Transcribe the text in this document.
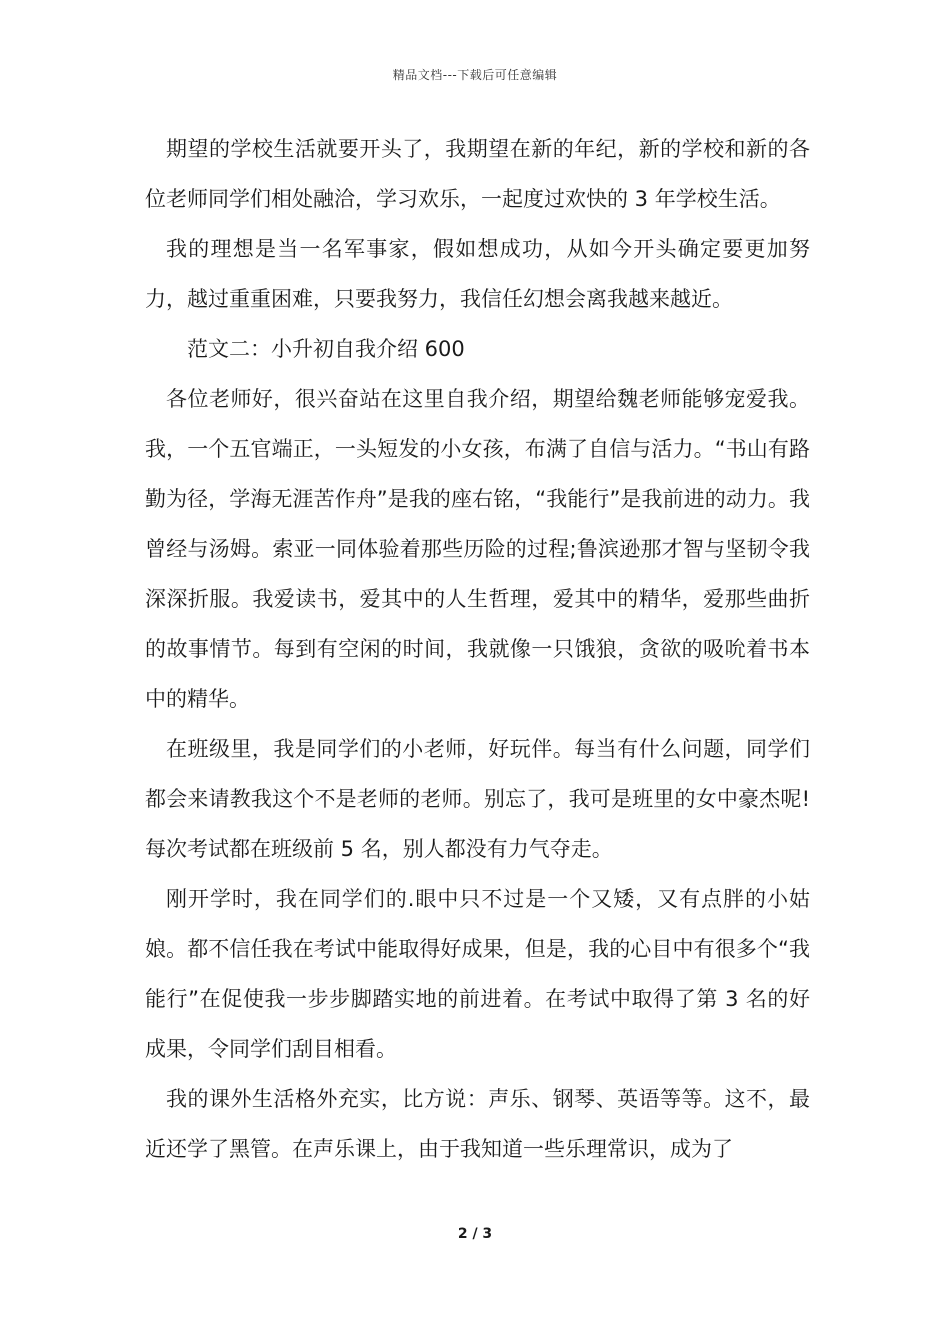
精品文档---下载后可任意编辑

期望的学校生活就要开头了，我期望在新的年纪，新的学校和新的各位老师同学们相处融洽，学习欢乐，一起度过欢快的 3 年学校生活。

我的理想是当一名军事家，假如想成功，从如今开头确定要更加努力，越过重重困难，只要我努力，我信任幻想会离我越来越近。

范文二：小升初自我介绍 600

各位老师好，很兴奋站在这里自我介绍，期望给魏老师能够宠爱我。我，一个五官端正，一头短发的小女孩，布满了自信与活力。“书山有路勤为径，学海无涯苦作舟”是我的座右铭，“我能行”是我前进的动力。我曾经与汤姆。索亚一同体验着那些历险的过程;鲁滨逊那才智与坚韧令我深深折服。我爱读书，爱其中的人生哲理，爱其中的精华，爱那些曲折的故事情节。每到有空闲的时间，我就像一只饿狼，贪欲的吸吮着书本中的精华。

在班级里，我是同学们的小老师，好玩伴。每当有什么问题，同学们都会来请教我这个不是老师的老师。别忘了，我可是班里的女中豪杰呢!每次考试都在班级前 5 名，别人都没有力气夺走。

刚开学时，我在同学们的.眼中只不过是一个又矮，又有点胖的小姑娘。都不信任我在考试中能取得好成果，但是，我的心目中有很多个“我能行”在促使我一步步脚踏实地的前进着。在考试中取得了第 3 名的好成果，令同学们刮目相看。

我的课外生活格外充实，比方说：声乐、钢琴、英语等等。这不，最近还学了黑管。在声乐课上，由于我知道一些乐理常识，成为了

2 / 3
